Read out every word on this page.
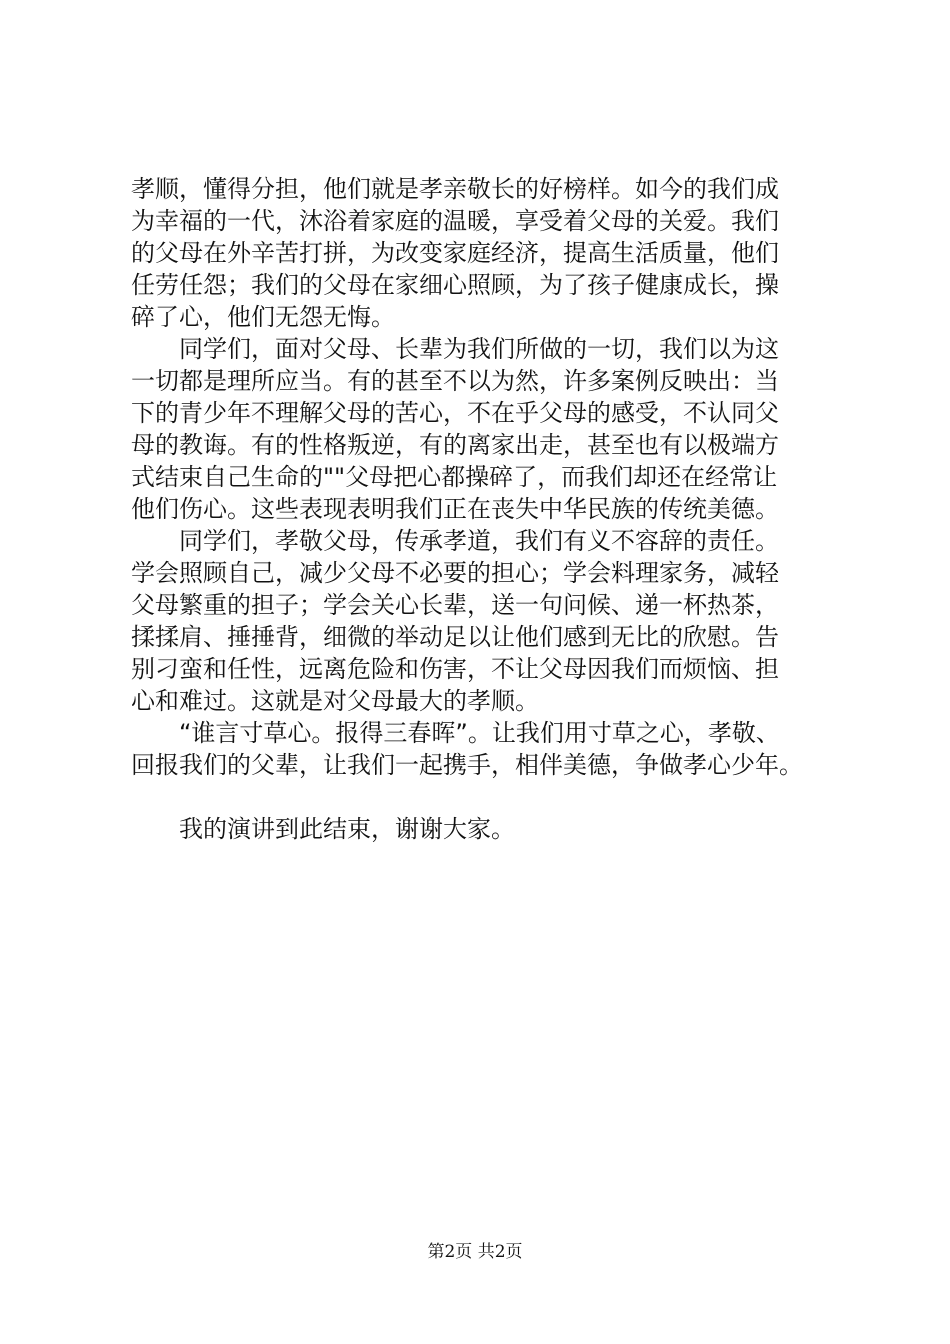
孝顺，懂得分担，他们就是孝亲敬长的好榜样。如今的我们成
为幸福的一代，沐浴着家庭的温暖，享受着父母的关爱。我们
的父母在外辛苦打拼，为改变家庭经济，提高生活质量，他们
任劳任怨；我们的父母在家细心照顾，为了孩子健康成长，操
碎了心，他们无怨无悔。
　　同学们，面对父母、长辈为我们所做的一切，我们以为这
一切都是理所应当。有的甚至不以为然，许多案例反映出：当
下的青少年不理解父母的苦心，不在乎父母的感受，不认同父
母的教诲。有的性格叛逆，有的离家出走，甚至也有以极端方
式结束自己生命的""父母把心都操碎了，而我们却还在经常让
他们伤心。这些表现表明我们正在丧失中华民族的传统美德。
　　同学们，孝敬父母，传承孝道，我们有义不容辞的责任。
学会照顾自己，减少父母不必要的担心；学会料理家务，减轻
父母繁重的担子；学会关心长辈，送一句问候、递一杯热茶，
揉揉肩、捶捶背，细微的举动足以让他们感到无比的欣慰。告
别刁蛮和任性，远离危险和伤害，不让父母因我们而烦恼、担
心和难过。这就是对父母最大的孝顺。
　　“谁言寸草心。报得三春晖”。让我们用寸草之心，孝敬、
回报我们的父辈，让我们一起携手，相伴美德，争做孝心少年。
　　我的演讲到此结束，谢谢大家。
第2页 共2页
